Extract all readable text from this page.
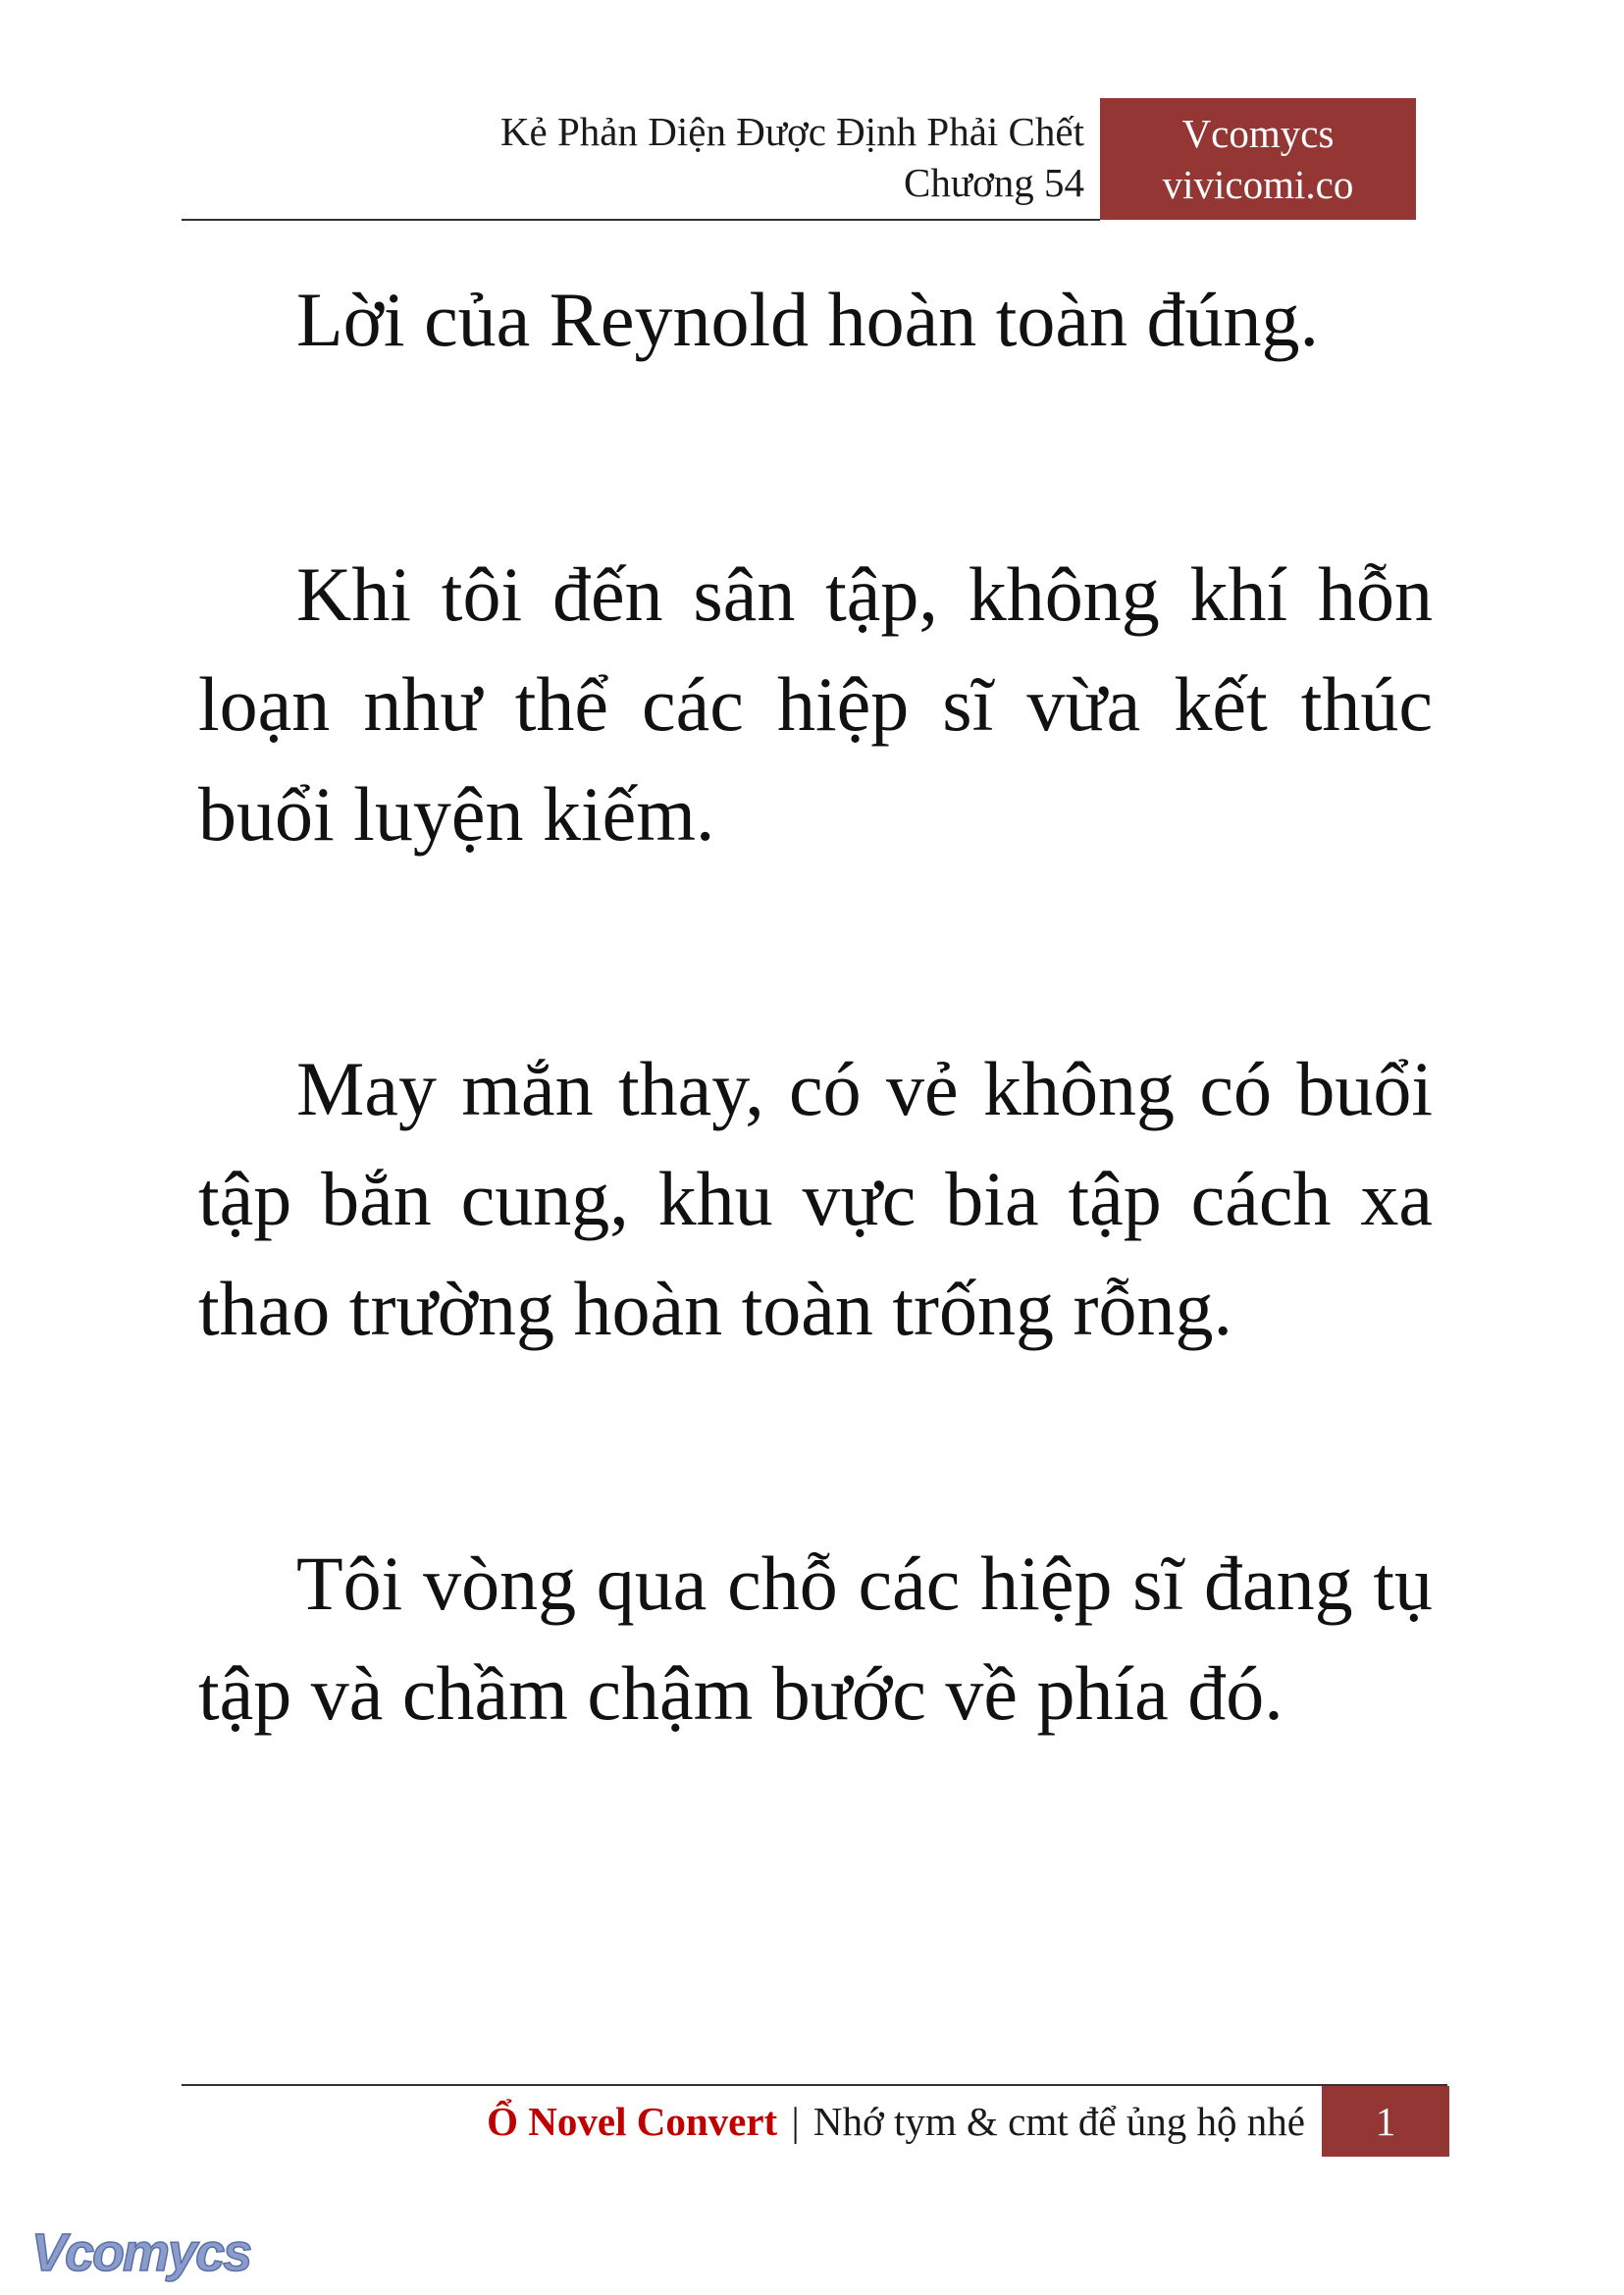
Kẻ Phản Diện Được Định Phải Chết
Chương 54
Vcomycs
vivicomi.co

Lời của Reynold hoàn toàn đúng.

Khi tôi đến sân tập, không khí hỗn loạn như thể các hiệp sĩ vừa kết thúc buổi luyện kiếm.

May mắn thay, có vẻ không có buổi tập bắn cung, khu vực bia tập cách xa thao trường hoàn toàn trống rỗng.

Tôi vòng qua chỗ các hiệp sĩ đang tụ tập và chầm chậm bước về phía đó.

Ổ Novel Convert | Nhớ tym & cmt để ủng hộ nhé	1
Vcomycs
